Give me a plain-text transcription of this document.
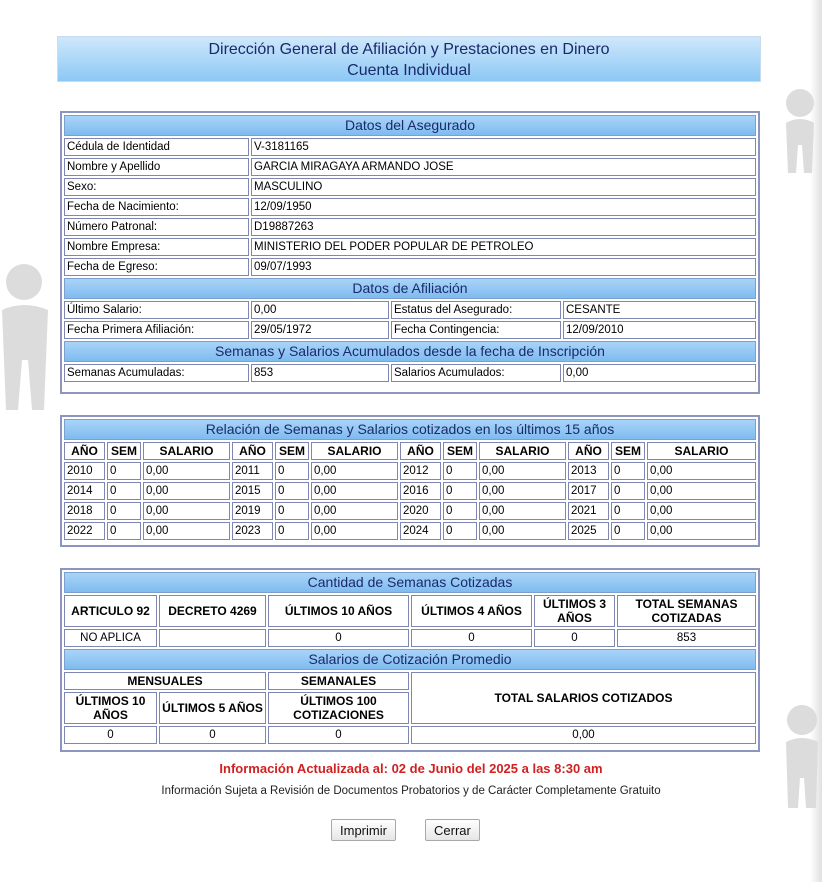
Dirección General de Afiliación y Prestaciones en Dinero
Cuenta Individual
Datos del Asegurado			
Cédula de Identidad	V-3181165		
Nombre y Apellido	GARCIA MIRAGAYA ARMANDO JOSE		
Sexo:	MASCULINO		
Fecha de Nacimiento:	12/09/1950		
Número Patronal:	D19887263		
Nombre Empresa:	MINISTERIO DEL PODER POPULAR DE PETROLEO		
Fecha de Egreso:	09/07/1993		
Datos de Afiliación			
Último Salario:	0,00	Estatus del Asegurado:	CESANTE
Fecha Primera Afiliación:	29/05/1972	Fecha Contingencia:	12/09/2010
Semanas y Salarios Acumulados desde la fecha de Inscripción			
Semanas Acumuladas:	853	Salarios Acumulados:	0,00
Relación de Semanas y Salarios cotizados en los últimos 15 años											
AÑO	SEM	SALARIO	AÑO	SEM	SALARIO	AÑO	SEM	SALARIO	AÑO	SEM	SALARIO
2010	0	0,00	2011	0	0,00	2012	0	0,00	2013	0	0,00
2014	0	0,00	2015	0	0,00	2016	0	0,00	2017	0	0,00
2018	0	0,00	2019	0	0,00	2020	0	0,00	2021	0	0,00
2022	0	0,00	2023	0	0,00	2024	0	0,00	2025	0	0,00
Cantidad de Semanas Cotizadas					
ARTICULO 92	DECRETO 4269	ÚLTIMOS 10 AÑOS	ÚLTIMOS 4 AÑOS	ÚLTIMOS 3 AÑOS	TOTAL SEMANAS COTIZADAS
NO APLICA		0	0	0	853
Salarios de Cotización Promedio					
MENSUALES		SEMANALES	TOTAL SALARIOS COTIZADOS		
ÚLTIMOS 10 AÑOS	ÚLTIMOS 5 AÑOS	ÚLTIMOS 100 COTIZACIONES			
0	0	0	0,00		
Información Actualizada al: 02 de Junio del 2025 a las 8:30 am
Información Sujeta a Revisión de Documentos Probatorios y de Carácter Completamente Gratuito
Imprimir	Cerrar
